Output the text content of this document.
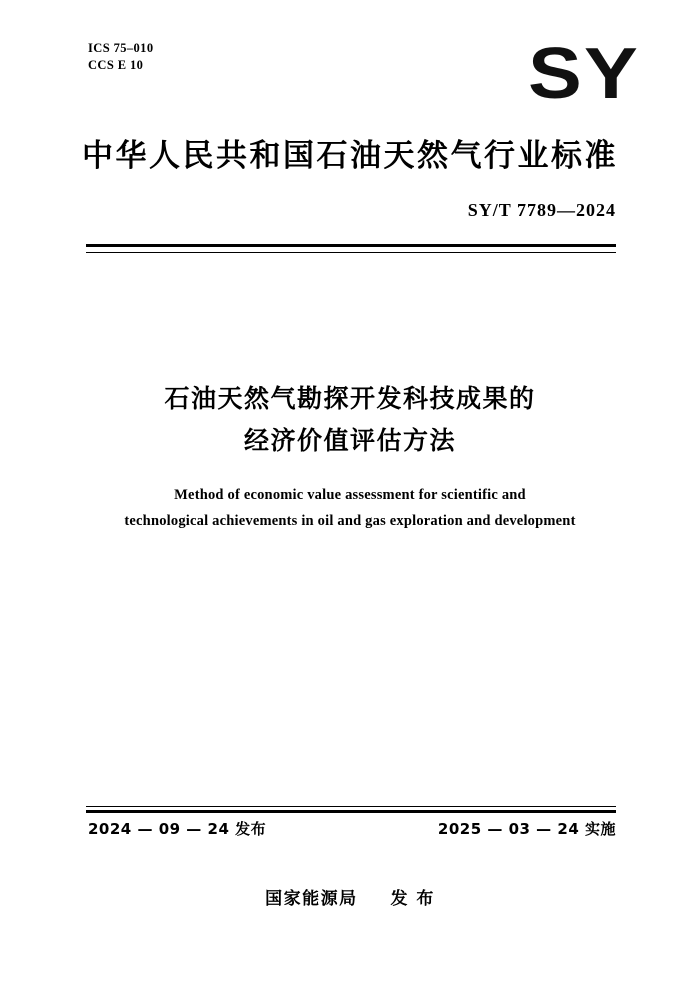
ICS 75–010
CCS E 10	SY
中华人民共和国石油天然气行业标准
SY/T 7789—2024
石油天然气勘探开发科技成果的
经济价值评估方法
Method of economic value assessment for scientific and
technological achievements in oil and gas exploration and development
2024 — 09 — 24 发布	2025 — 03 — 24 实施
国家能源局 发 布
